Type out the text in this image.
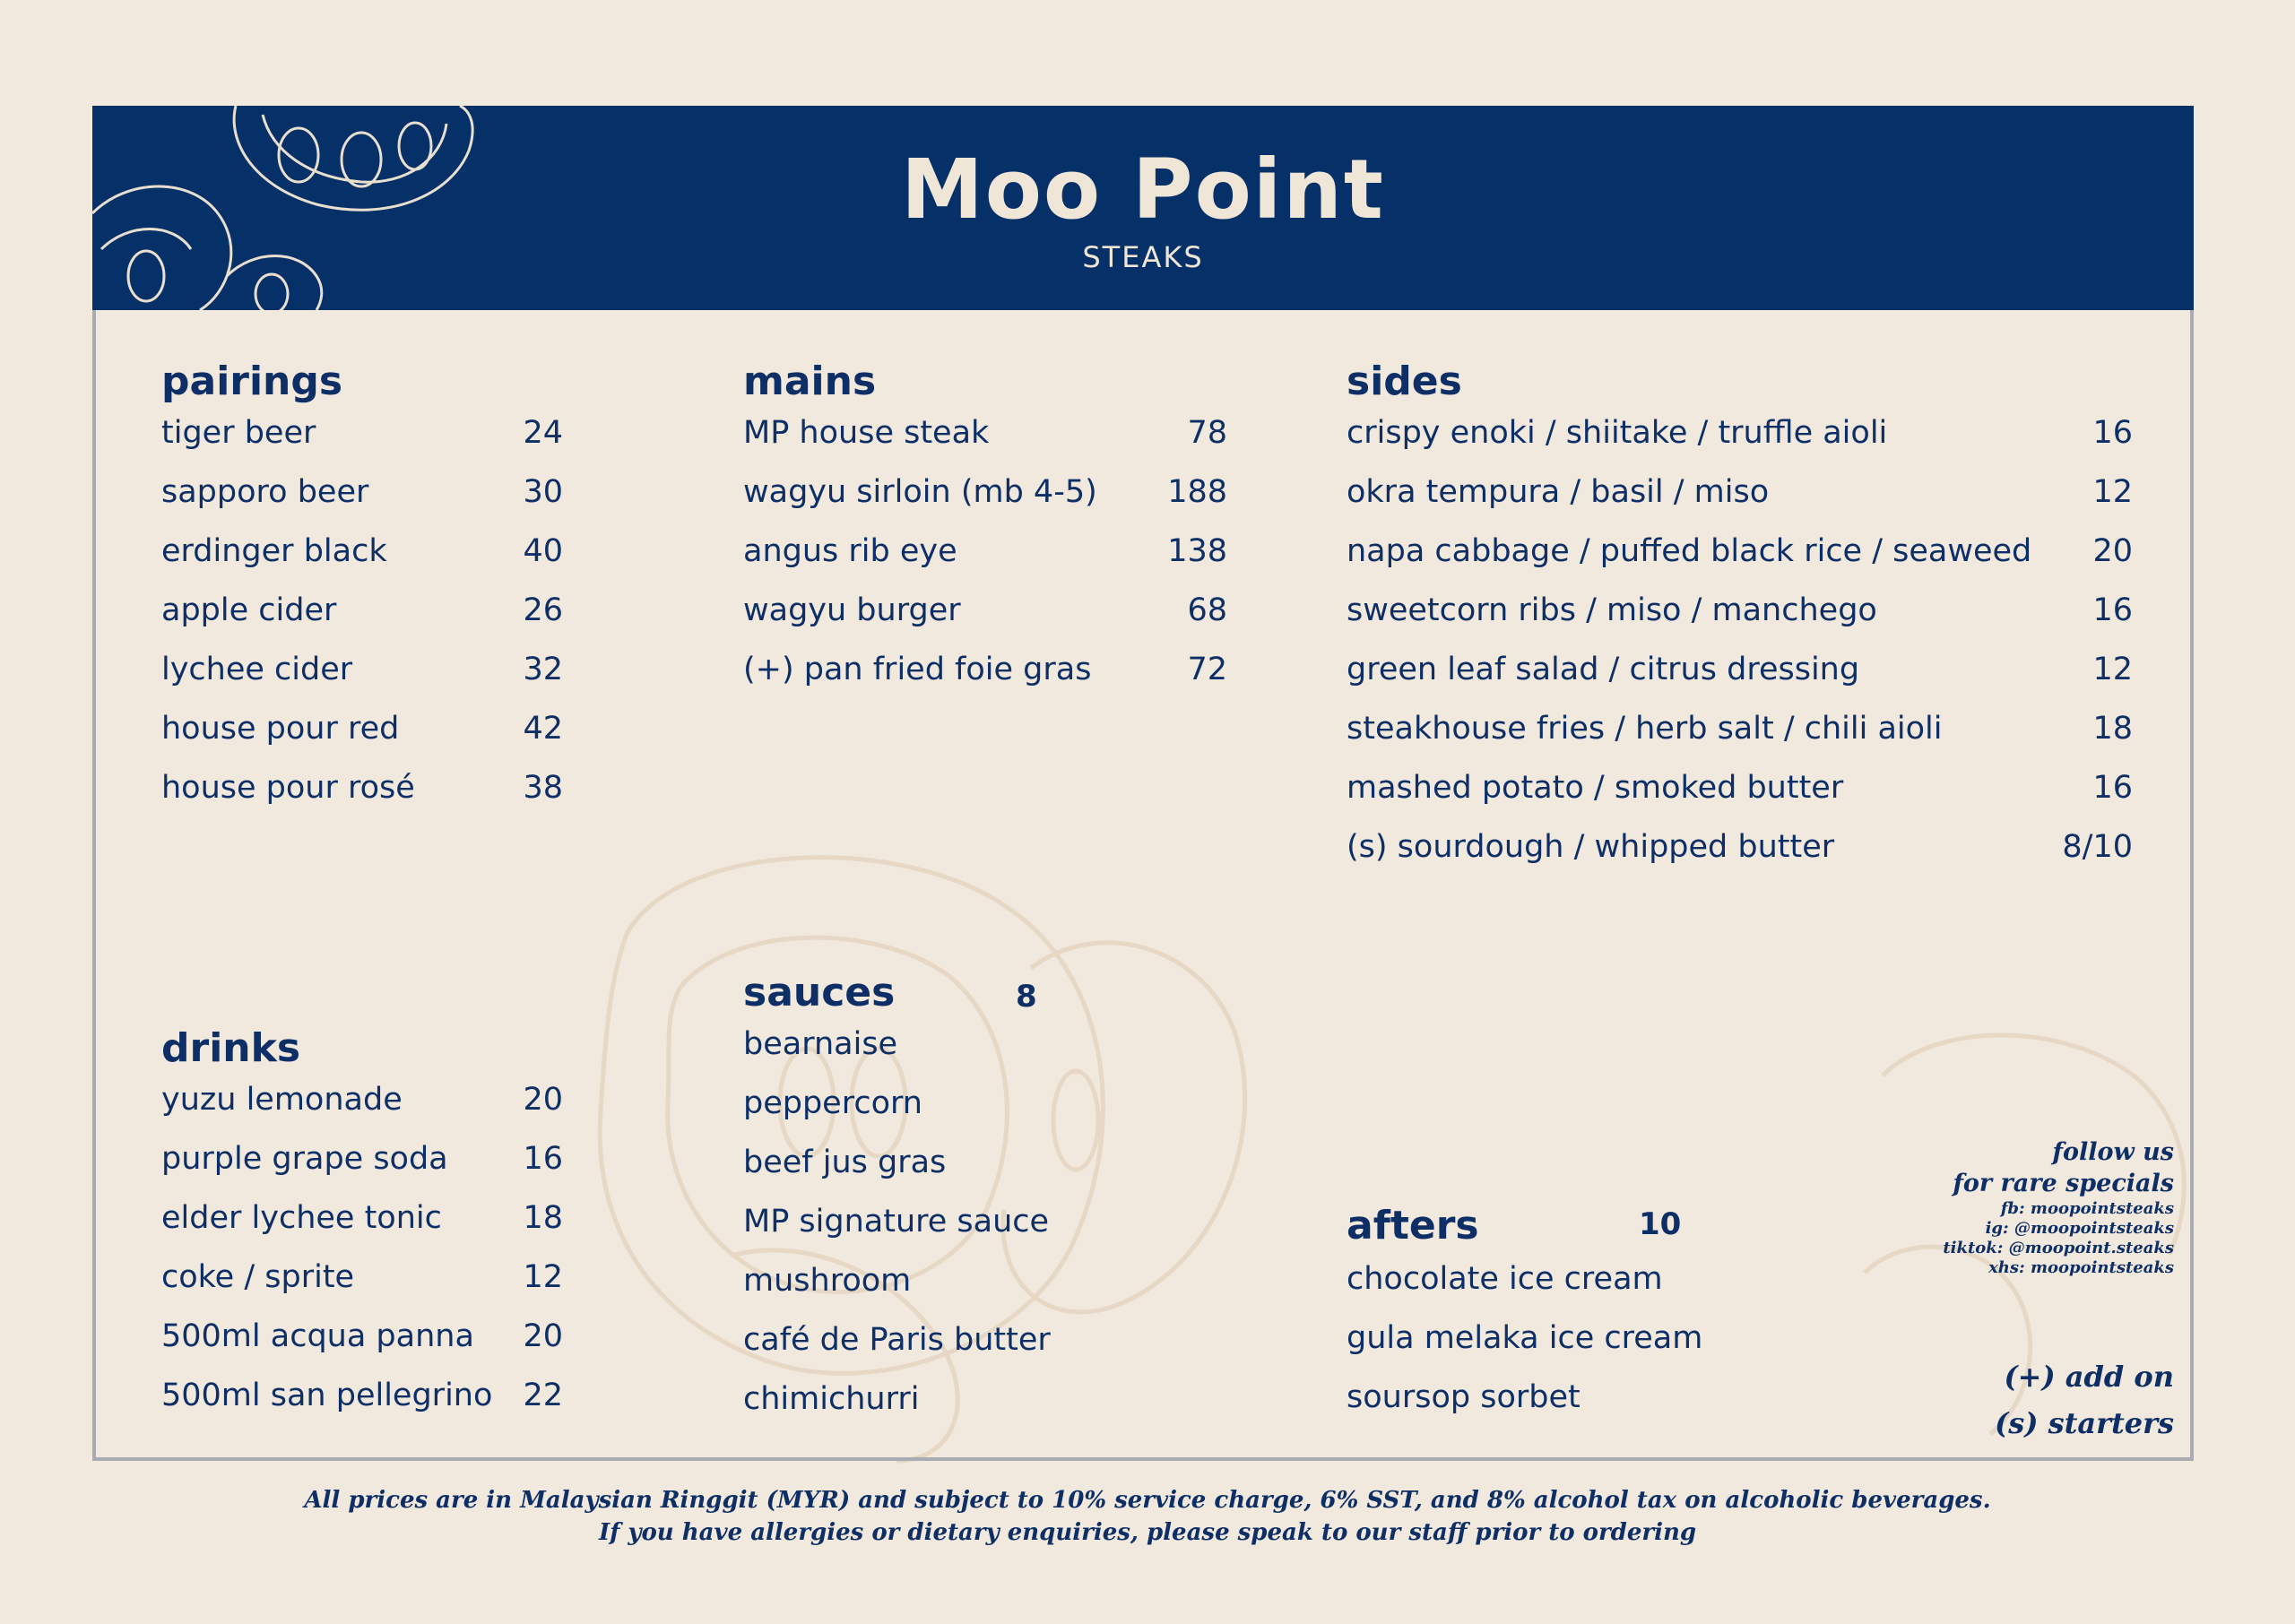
Moo Point
STEAKS
pairings
tiger beer	24
sapporo beer	30
erdinger black	40
apple cider	26
lychee cider	32
house pour red	42
house pour rosé	38
mains
MP house steak	78
wagyu sirloin (mb 4-5) 188
angus rib eye	138
wagyu burger	68
(+) pan fried foie gras	72
sides
crispy enoki / shiitake / truffle aioli	16
okra tempura / basil / miso	12
napa cabbage / puffed black rice / seaweed 20
sweetcorn ribs / miso / manchego	16
green leaf salad / citrus dressing	12
steakhouse fries / herb salt / chili aioli	18
mashed potato / smoked butter	16
(s) sourdough / whipped butter	8/10
drinks
yuzu lemonade	20
purple grape soda 16
elder lychee tonic	18
coke / sprite	12
500ml acqua panna 20
500ml san pellegrino 22
sauces	8
bearnaise
peppercorn
beef jus gras
MP signature sauce
mushroom
café de Paris butter
chimichurri
afters	10
chocolate ice cream
gula melaka ice cream
soursop sorbet
follow us
for rare specials
fb: moopointsteaks
ig: @moopointsteaks
tiktok: @moopoint.steaks
xhs: moopointsteaks
(+) add on
(s) starters
All prices are in Malaysian Ringgit (MYR) and subject to 10% service charge, 6% SST, and 8% alcohol tax on alcoholic beverages.
If you have allergies or dietary enquiries, please speak to our staff prior to ordering
